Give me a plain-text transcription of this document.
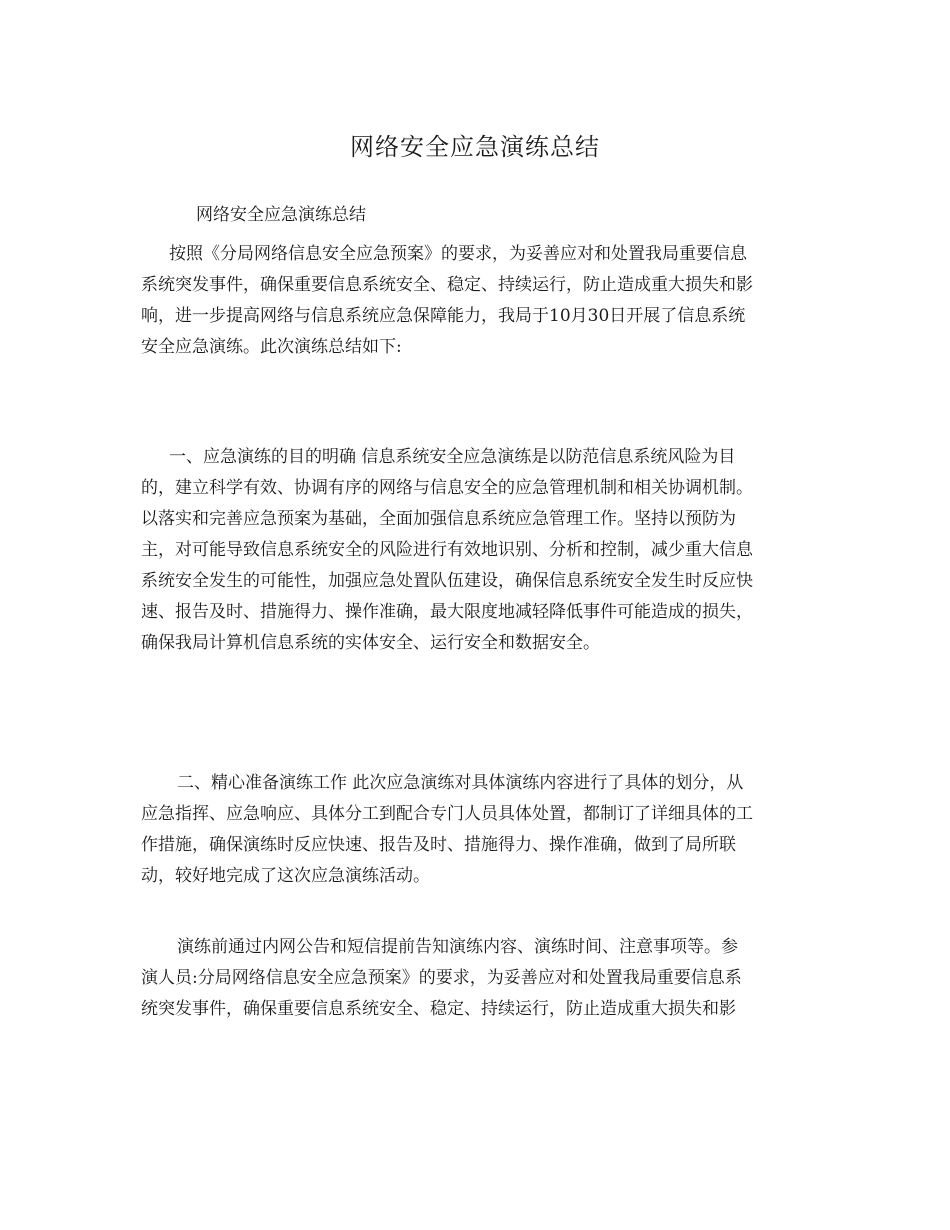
网络安全应急演练总结
网络安全应急演练总结
按照《分局网络信息安全应急预案》的要求，为妥善应对和处置我局重要信息
系统突发事件，确保重要信息系统安全、稳定、持续运行，防止造成重大损失和影
响，进一步提高网络与信息系统应急保障能力，我局于10月30日开展了信息系统
安全应急演练。此次演练总结如下:
一、应急演练的目的明确 信息系统安全应急演练是以防范信息系统风险为目
的，建立科学有效、协调有序的网络与信息安全的应急管理机制和相关协调机制。
以落实和完善应急预案为基础，全面加强信息系统应急管理工作。坚持以预防为
主，对可能导致信息系统安全的风险进行有效地识别、分析和控制，减少重大信息
系统安全发生的可能性，加强应急处置队伍建设，确保信息系统安全发生时反应快
速、报告及时、措施得力、操作准确，最大限度地减轻降低事件可能造成的损失，
确保我局计算机信息系统的实体安全、运行安全和数据安全。
二、精心准备演练工作 此次应急演练对具体演练内容进行了具体的划分，从
应急指挥、应急响应、具体分工到配合专门人员具体处置，都制订了详细具体的工
作措施，确保演练时反应快速、报告及时、措施得力、操作准确，做到了局所联
动，较好地完成了这次应急演练活动。
演练前通过内网公告和短信提前告知演练内容、演练时间、注意事项等。参
演人员:分局网络信息安全应急预案》的要求，为妥善应对和处置我局重要信息系
统突发事件，确保重要信息系统安全、稳定、持续运行，防止造成重大损失和影
